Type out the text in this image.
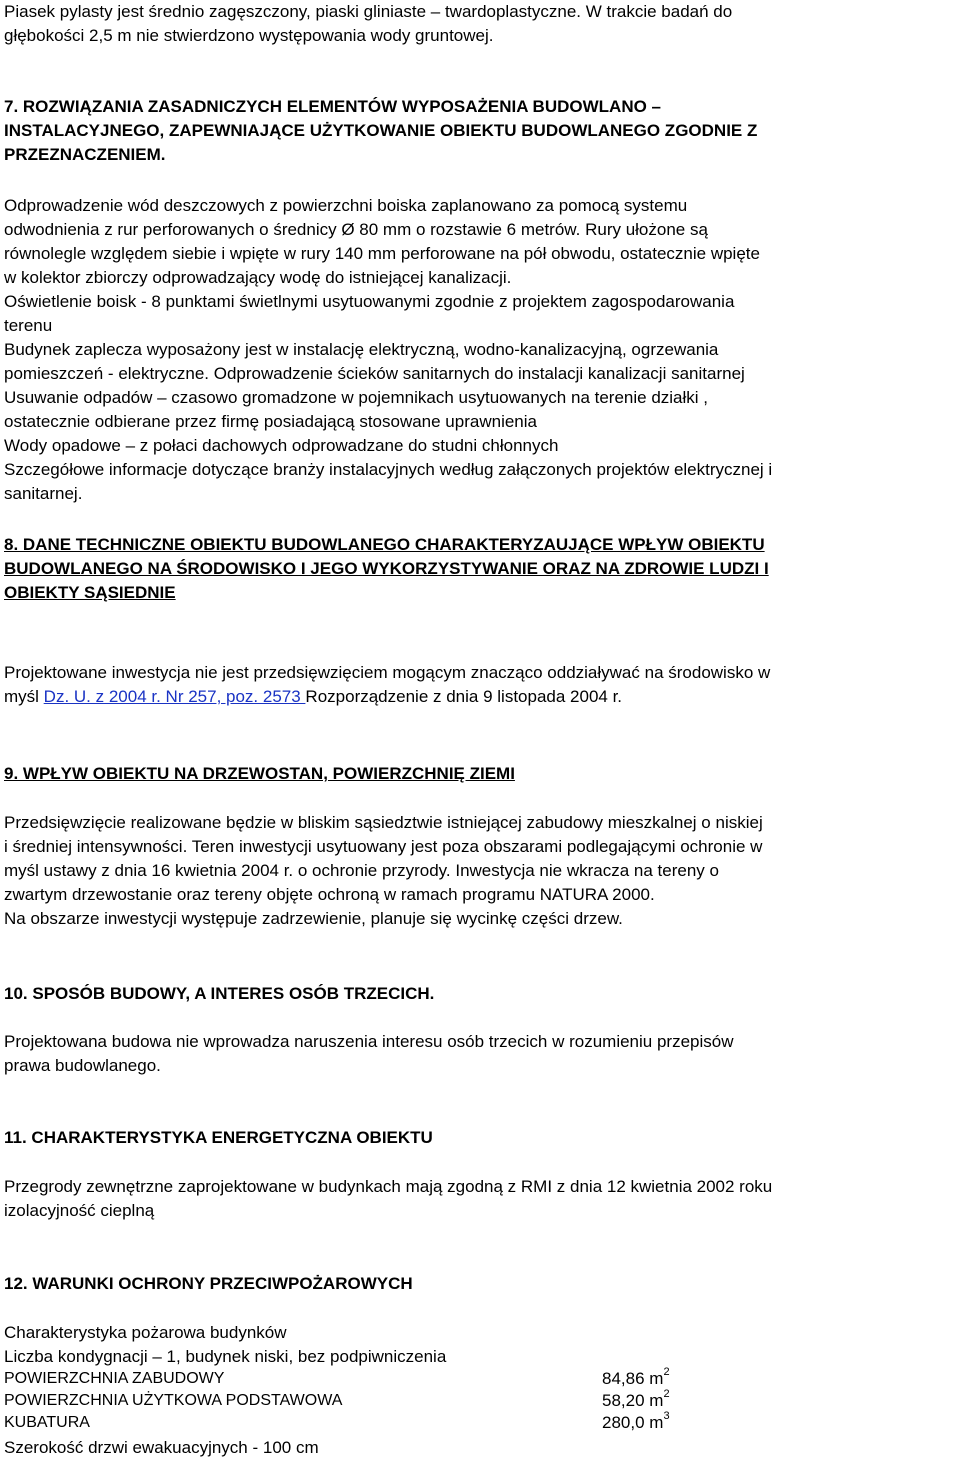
Piasek pylasty jest średnio zagęszczony, piaski gliniaste – twardoplastyczne. W trakcie badań do
głębokości 2,5 m nie stwierdzono występowania wody gruntowej.
7. ROZWIĄZANIA ZASADNICZYCH ELEMENTÓW WYPOSAŻENIA BUDOWLANO –
INSTALACYJNEGO, ZAPEWNIAJĄCE UŻYTKOWANIE OBIEKTU BUDOWLANEGO ZGODNIE Z
PRZEZNACZENIEM.
Odprowadzenie wód deszczowych z powierzchni boiska zaplanowano za pomocą systemu
odwodnienia z rur perforowanych o średnicy Ø 80 mm o rozstawie 6 metrów. Rury ułożone są
równolegle względem siebie i wpięte w rury 140 mm perforowane na pół obwodu, ostatecznie wpięte
w kolektor zbiorczy odprowadzający wodę do istniejącej kanalizacji.
Oświetlenie boisk - 8 punktami świetlnymi usytuowanymi zgodnie z projektem zagospodarowania
terenu
Budynek zaplecza wyposażony jest w instalację elektryczną, wodno-kanalizacyjną, ogrzewania
pomieszczeń - elektryczne. Odprowadzenie ścieków sanitarnych do instalacji kanalizacji sanitarnej
Usuwanie odpadów – czasowo gromadzone w pojemnikach usytuowanych na terenie działki ,
ostatecznie odbierane przez firmę posiadającą stosowane uprawnienia
Wody opadowe – z połaci dachowych odprowadzane do studni chłonnych
Szczegółowe informacje dotyczące branży instalacyjnych według załączonych projektów elektrycznej i
sanitarnej.
8. DANE TECHNICZNE OBIEKTU BUDOWLANEGO CHARAKTERYZAUJĄCE WPŁYW OBIEKTU
BUDOWLANEGO NA ŚRODOWISKO I JEGO WYKORZYSTYWANIE ORAZ NA ZDROWIE LUDZI I
OBIEKTY SĄSIEDNIE
Projektowane inwestycja nie jest przedsięwzięciem mogącym znacząco oddziaływać na środowisko w
myśl Dz. U. z 2004 r. Nr 257, poz. 2573 Rozporządzenie z dnia 9 listopada 2004 r.
9. WPŁYW OBIEKTU NA DRZEWOSTAN, POWIERZCHNIĘ ZIEMI
Przedsięwzięcie realizowane będzie w bliskim sąsiedztwie istniejącej zabudowy mieszkalnej o niskiej
i średniej intensywności. Teren inwestycji usytuowany jest poza obszarami podlegającymi ochronie w
myśl ustawy z dnia 16 kwietnia 2004 r. o ochronie przyrody. Inwestycja nie wkracza na tereny o
zwartym drzewostanie oraz tereny objęte ochroną w ramach programu NATURA 2000.
Na obszarze inwestycji występuje zadrzewienie, planuje się wycinkę części drzew.
10. SPOSÓB BUDOWY, A INTERES OSÓB TRZECICH.
Projektowana budowa nie wprowadza naruszenia interesu osób trzecich w rozumieniu przepisów
prawa budowlanego.
11. CHARAKTERYSTYKA ENERGETYCZNA OBIEKTU
Przegrody zewnętrzne zaprojektowane w budynkach mają zgodną z RMI z dnia 12 kwietnia 2002 roku
izolacyjność cieplną
12. WARUNKI OCHRONY PRZECIWPOŻAROWYCH
Charakterystyka pożarowa budynków
Liczba kondygnacji – 1, budynek niski, bez podpiwniczenia
POWIERZCHNIA ZABUDOWY	84,86 $m^2$
POWIERZCHNIA UŻYTKOWA PODSTAWOWA	58,20 $m^2$
KUBATURA	280,0 $m^3$
Szerokość drzwi ewakuacyjnych - 100 cm
